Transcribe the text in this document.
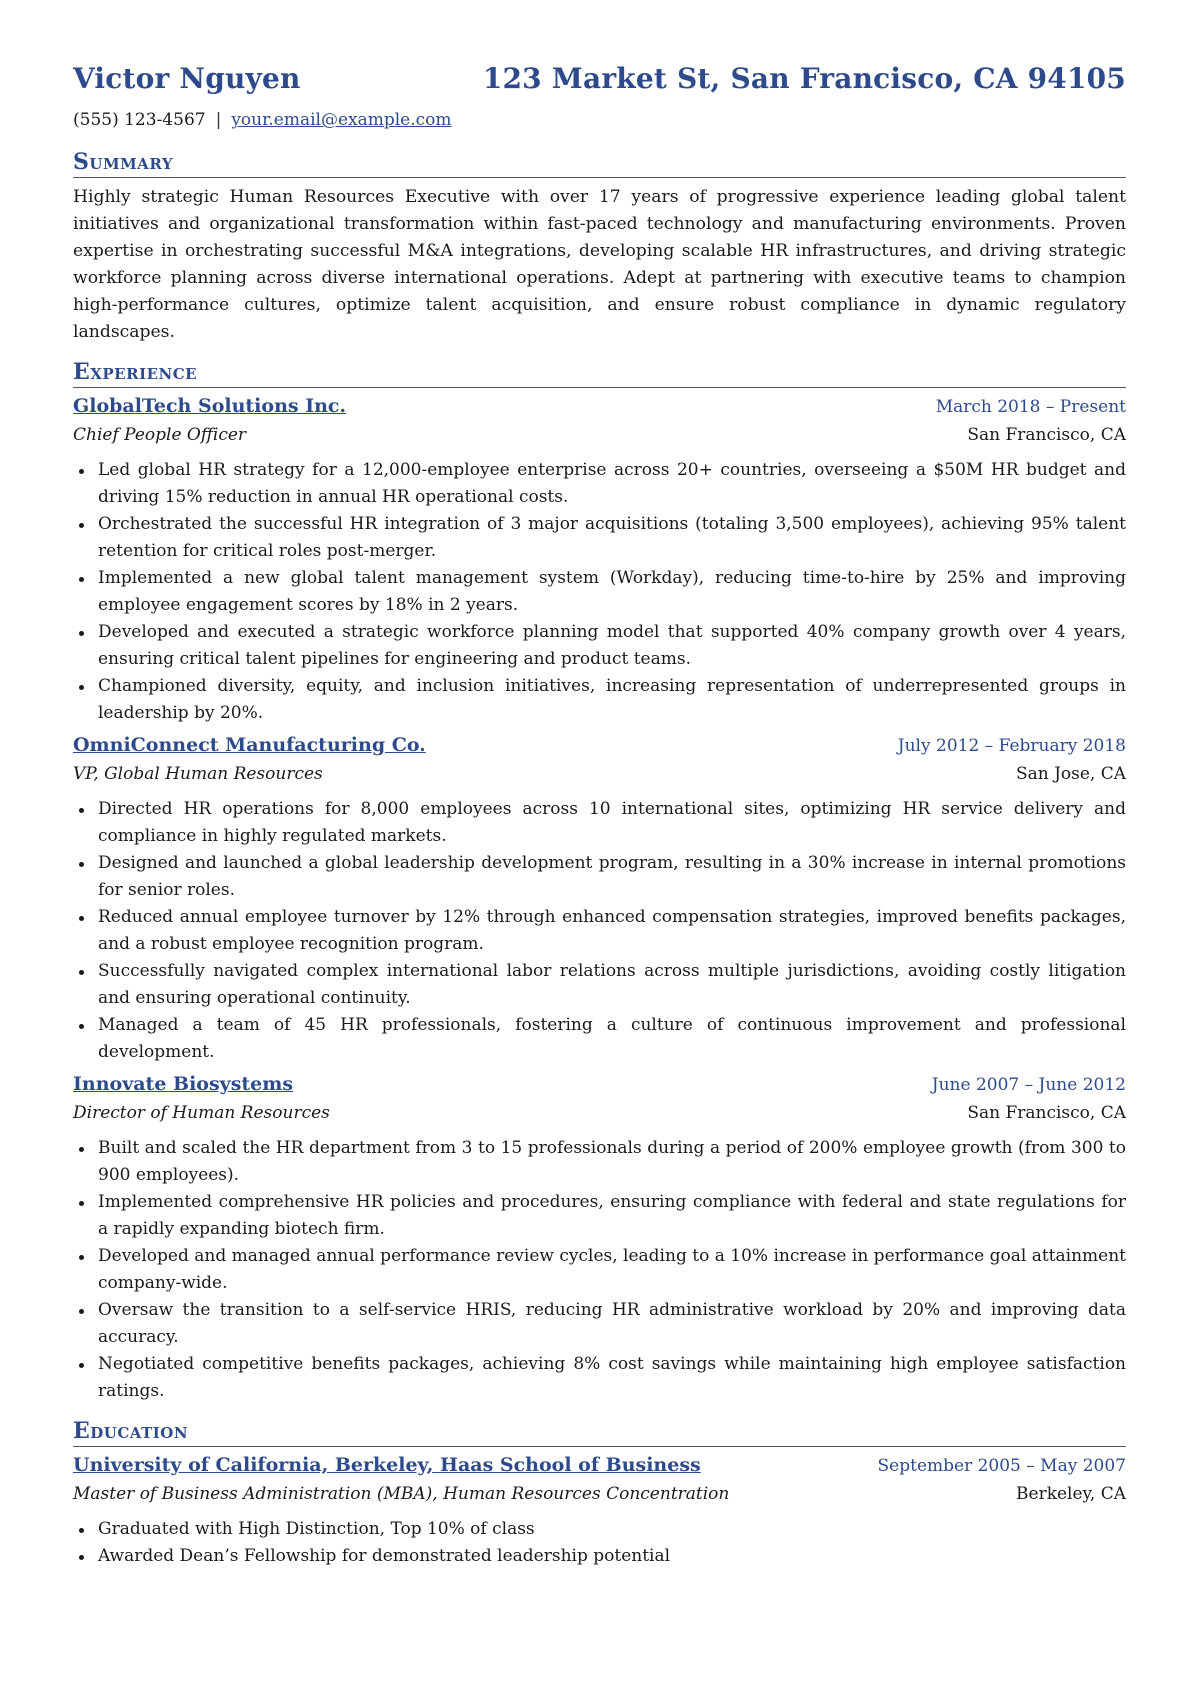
Victor Nguyen	123 Market St, San Francisco, CA 94105
(555) 123-4567 | your.email@example.com
Summary
Highly strategic Human Resources Executive with over 17 years of progressive experience leading global talent initiatives and organizational transformation within fast-paced technology and manufacturing environments. Proven expertise in orchestrating successful M&A integrations, developing scalable HR infrastructures, and driving strategic workforce planning across diverse international operations. Adept at partnering with executive teams to champion high-performance cultures, optimize talent acquisition, and ensure robust compliance in dynamic regulatory landscapes.
Experience
GlobalTech Solutions Inc.	March 2018 – Present
Chief People Officer	San Francisco, CA
Led global HR strategy for a 12,000-employee enterprise across 20+ countries, overseeing a $50M HR budget and driving 15% reduction in annual HR operational costs.
Orchestrated the successful HR integration of 3 major acquisitions (totaling 3,500 employees), achieving 95% talent retention for critical roles post-merger.
Implemented a new global talent management system (Workday), reducing time-to-hire by 25% and improving employee engagement scores by 18% in 2 years.
Developed and executed a strategic workforce planning model that supported 40% company growth over 4 years, ensuring critical talent pipelines for engineering and product teams.
Championed diversity, equity, and inclusion initiatives, increasing representation of underrepresented groups in leadership by 20%.
OmniConnect Manufacturing Co.	July 2012 – February 2018
VP, Global Human Resources	San Jose, CA
Directed HR operations for 8,000 employees across 10 international sites, optimizing HR service delivery and compliance in highly regulated markets.
Designed and launched a global leadership development program, resulting in a 30% increase in internal promotions for senior roles.
Reduced annual employee turnover by 12% through enhanced compensation strategies, improved benefits packages, and a robust employee recognition program.
Successfully navigated complex international labor relations across multiple jurisdictions, avoiding costly litigation and ensuring operational continuity.
Managed a team of 45 HR professionals, fostering a culture of continuous improvement and professional development.
Innovate Biosystems	June 2007 – June 2012
Director of Human Resources	San Francisco, CA
Built and scaled the HR department from 3 to 15 professionals during a period of 200% employee growth (from 300 to 900 employees).
Implemented comprehensive HR policies and procedures, ensuring compliance with federal and state regulations for a rapidly expanding biotech firm.
Developed and managed annual performance review cycles, leading to a 10% increase in performance goal attainment company-wide.
Oversaw the transition to a self-service HRIS, reducing HR administrative workload by 20% and improving data accuracy.
Negotiated competitive benefits packages, achieving 8% cost savings while maintaining high employee satisfaction ratings.
Education
University of California, Berkeley, Haas School of Business	September 2005 – May 2007
Master of Business Administration (MBA), Human Resources Concentration	Berkeley, CA
Graduated with High Distinction, Top 10% of class
Awarded Dean’s Fellowship for demonstrated leadership potential
